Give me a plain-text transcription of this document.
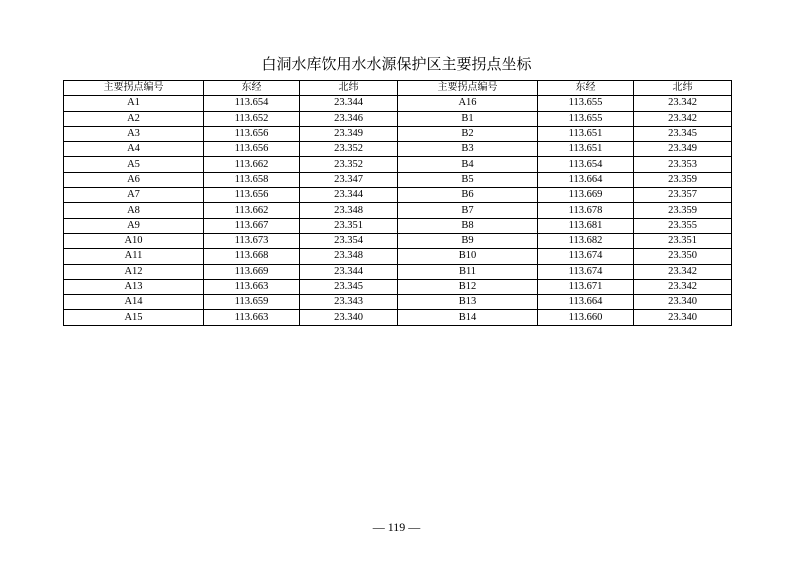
白洞水库饮用水水源保护区主要拐点坐标
主要拐点编号	东经	北纬	主要拐点编号	东经	北纬
A1	113.654	23.344	A16	113.655	23.342
A2	113.652	23.346	B1	113.655	23.342
A3	113.656	23.349	B2	113.651	23.345
A4	113.656	23.352	B3	113.651	23.349
A5	113.662	23.352	B4	113.654	23.353
A6	113.658	23.347	B5	113.664	23.359
A7	113.656	23.344	B6	113.669	23.357
A8	113.662	23.348	B7	113.678	23.359
A9	113.667	23.351	B8	113.681	23.355
A10	113.673	23.354	B9	113.682	23.351
A11	113.668	23.348	B10	113.674	23.350
A12	113.669	23.344	B11	113.674	23.342
A13	113.663	23.345	B12	113.671	23.342
A14	113.659	23.343	B13	113.664	23.340
A15	113.663	23.340	B14	113.660	23.340
— 119 —
